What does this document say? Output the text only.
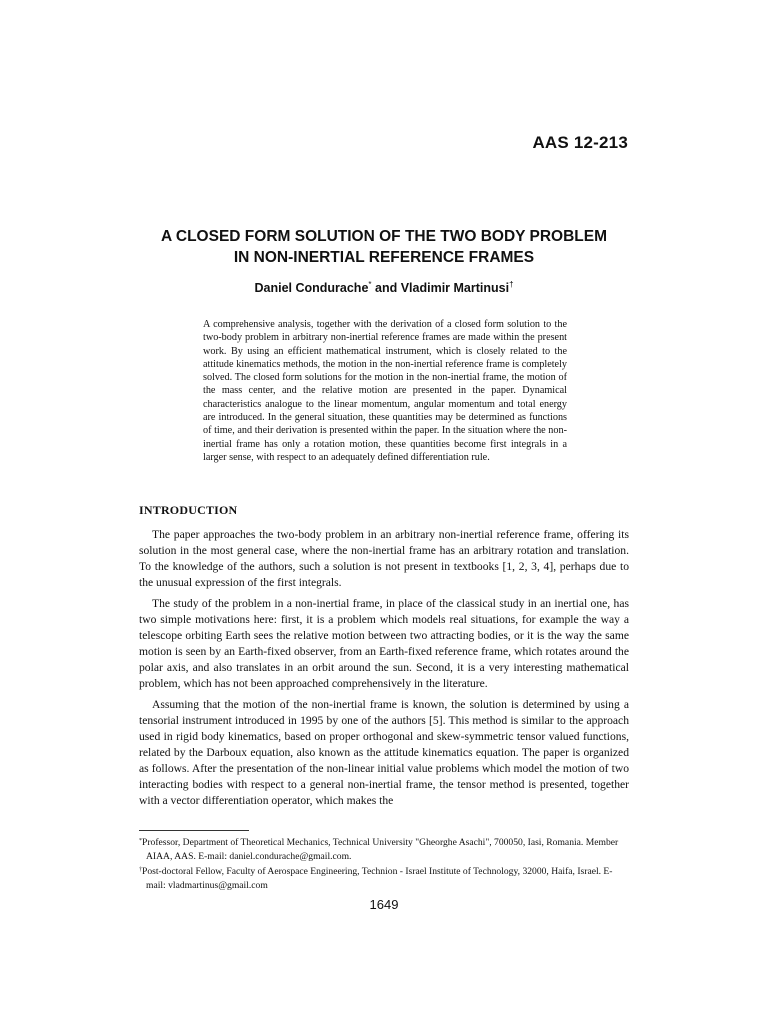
AAS 12-213
A CLOSED FORM SOLUTION OF THE TWO BODY PROBLEM
IN NON-INERTIAL REFERENCE FRAMES
Daniel Condurache* and Vladimir Martinusi†
A comprehensive analysis, together with the derivation of a closed form solution to the two-body problem in arbitrary non-inertial reference frames are made within the present work. By using an efficient mathematical instrument, which is closely related to the attitude kinematics methods, the motion in the non-inertial reference frame is completely solved. The closed form solutions for the motion in the non-inertial frame, the motion of the mass center, and the relative motion are presented in the paper. Dynamical characteristics analogue to the linear momentum, angular momentum and total energy are introduced. In the general situation, these quantities may be determined as functions of time, and their derivation is presented within the paper. In the situation where the non-inertial frame has only a rotation motion, these quantities become first integrals in a larger sense, with respect to an adequately defined differentiation rule.
INTRODUCTION

The paper approaches the two-body problem in an arbitrary non-inertial reference frame, offering its solution in the most general case, where the non-inertial frame has an arbitrary rotation and translation. To the knowledge of the authors, such a solution is not present in textbooks [1, 2, 3, 4], perhaps due to the unusual expression of the first integrals.

The study of the problem in a non-inertial frame, in place of the classical study in an inertial one, has two simple motivations here: first, it is a problem which models real situations, for example the way a telescope orbiting Earth sees the relative motion between two attracting bodies, or it is the way the same motion is seen by an Earth-fixed observer, from an Earth-fixed reference frame, which rotates around the polar axis, and also translates in an orbit around the sun. Second, it is a very interesting mathematical problem, which has not been approached comprehensively in the literature.

Assuming that the motion of the non-inertial frame is known, the solution is determined by using a tensorial instrument introduced in 1995 by one of the authors [5]. This method is similar to the approach used in rigid body kinematics, based on proper orthogonal and skew-symmetric tensor valued functions, related by the Darboux equation, also known as the attitude kinematics equation. The paper is organized as follows. After the presentation of the non-linear initial value problems which model the motion of two interacting bodies with respect to a general non-inertial frame, the tensor method is presented, together with a vector differentiation operator, which makes the

*Professor, Department of Theoretical Mechanics, Technical University "Gheorghe Asachi", 700050, Iasi, Romania. Member AIAA, AAS. E-mail: daniel.condurache@gmail.com.
†Post-doctoral Fellow, Faculty of Aerospace Engineering, Technion - Israel Institute of Technology, 32000, Haifa, Israel. E-mail: vladmartinus@gmail.com
1649
